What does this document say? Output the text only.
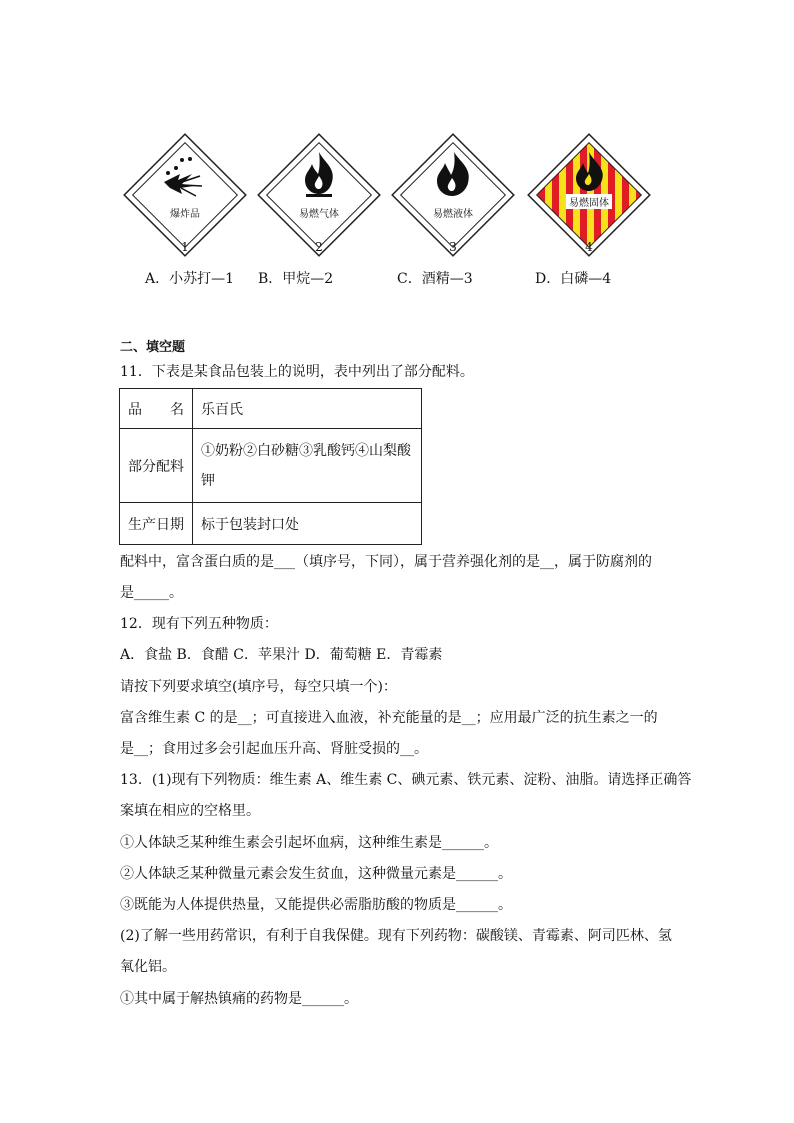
爆炸品
1
易燃气体
2
易燃液体
3
易燃固体
4
A．小苏打—1 B．甲烷—2	C．酒精—3	D．白磷—4
二、填空题
11．下表是某食品包装上的说明，表中列出了部分配料。
品　　名	乐百氏
部分配料	①奶粉②白砂糖③乳酸钙④山梨酸
钾

生产日期	标于包装封口处
配料中，富含蛋白质的是___（填序号，下同），属于营养强化剂的是__，属于防腐剂的
是_____。
12．现有下列五种物质：
A．食盐 B．食醋 C．苹果汁 D．葡萄糖 E．青霉素
请按下列要求填空(填序号，每空只填一个)：
富含维生素 C 的是__；可直接进入血液，补充能量的是__；应用最广泛的抗生素之一的
是__；食用过多会引起血压升高、肾脏受损的__。
13．(1)现有下列物质：维生素 A、维生素 C、碘元素、铁元素、淀粉、油脂。请选择正确答
案填在相应的空格里。
①人体缺乏某种维生素会引起坏血病，这种维生素是______。
②人体缺乏某种微量元素会发生贫血，这种微量元素是______。
③既能为人体提供热量，又能提供必需脂肪酸的物质是______。
(2)了解一些用药常识，有利于自我保健。现有下列药物：碳酸镁、青霉素、阿司匹林、氢
氧化铝。
①其中属于解热镇痛的药物是______。
